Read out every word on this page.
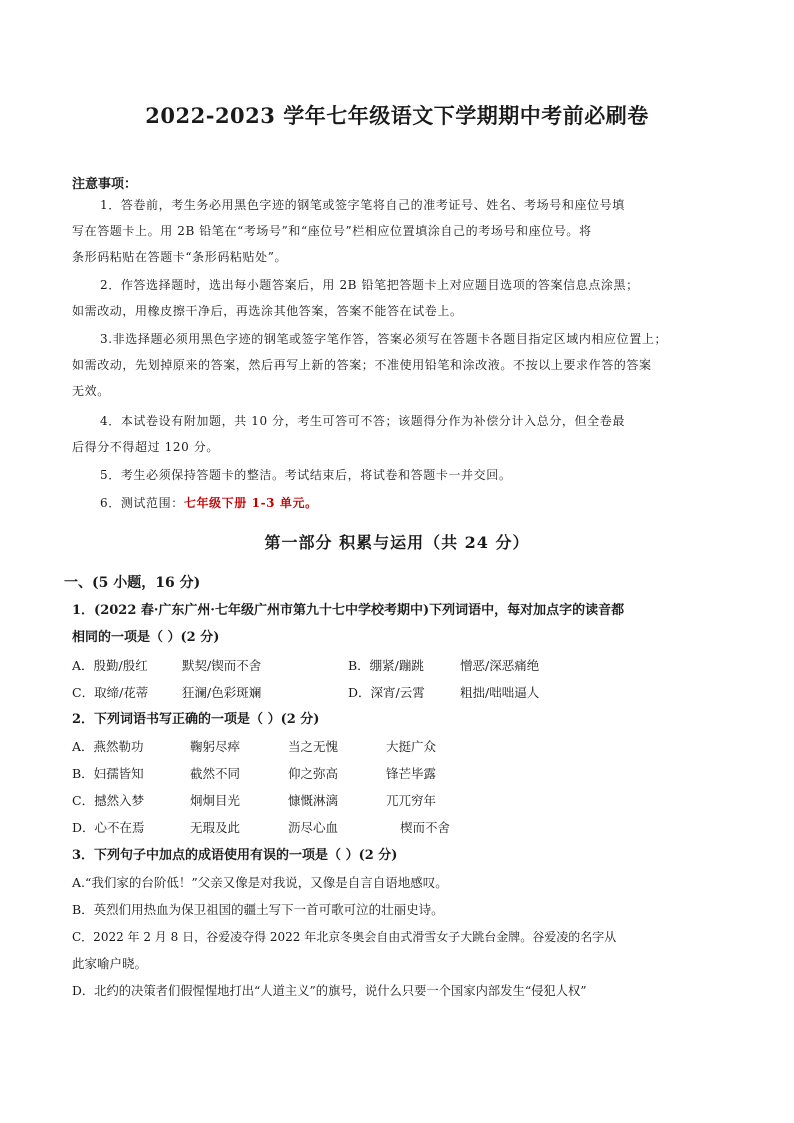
2022-2023 学年七年级语文下学期期中考前必刷卷
注意事项：
1．答卷前，考生务必用黑色字迹的钢笔或签字笔将自己的准考证号、姓名、考场号和座位号填
写在答题卡上。用 2B 铅笔在“考场号”和“座位号”栏相应位置填涂自己的考场号和座位号。将
条形码粘贴在答题卡“条形码粘贴处”。
2．作答选择题时，选出每小题答案后，用 2B 铅笔把答题卡上对应题目选项的答案信息点涂黑；
如需改动，用橡皮擦干净后，再选涂其他答案，答案不能答在试卷上。
3.非选择题必须用黑色字迹的钢笔或签字笔作答，答案必须写在答题卡各题目指定区域内相应位置上；
如需改动，先划掉原来的答案，然后再写上新的答案；不准使用铅笔和涂改液。不按以上要求作答的答案
无效。
4．本试卷设有附加题，共 10 分，考生可答可不答；该题得分作为补偿分计入总分，但全卷最
后得分不得超过 120 分。
5．考生必须保持答题卡的整洁。考试结束后，将试卷和答题卡一并交回。
6．测试范围：七年级下册 1-3 单元。
第一部分 积累与运用（共 24 分）
一、(5 小题，16 分)
1．(2022 春·广东广州·七年级广州市第九十七中学校考期中)下列词语中，每对加点字的读音都
相同的一项是（ ）(2 分)
A．殷勤/殷红	默契/锲而不舍	B．绷紧/蹦跳	憎恶/深恶痛绝
C．取缔/花蒂	狂澜/色彩斑斓	D．深宵/云霄	粗拙/咄咄逼人
2．下列词语书写正确的一项是（ ）(2 分)
A．燕然勒功	鞠躬尽瘁	当之无愧	大挺广众
B．妇孺皆知	截然不同	仰之弥高	锋芒毕露
C．撼然入梦	炯炯目光	慷慨淋漓	兀兀穷年
D．心不在焉	无瑕及此	沥尽心血	楔而不舍
3．下列句子中加点的成语使用有误的一项是（ ）(2 分)
A.“我们家的台阶低！”父亲又像是对我说，又像是自言自语地感叹。
B．英烈们用热血为保卫祖国的疆土写下一首可歌可泣的壮丽史诗。
C．2022 年 2 月 8 日，谷爱凌夺得 2022 年北京冬奥会自由式滑雪女子大跳台金牌。谷爱凌的名字从
此家喻户晓。
D．北约的决策者们假惺惺地打出“人道主义”的旗号，说什么只要一个国家内部发生“侵犯人权”
